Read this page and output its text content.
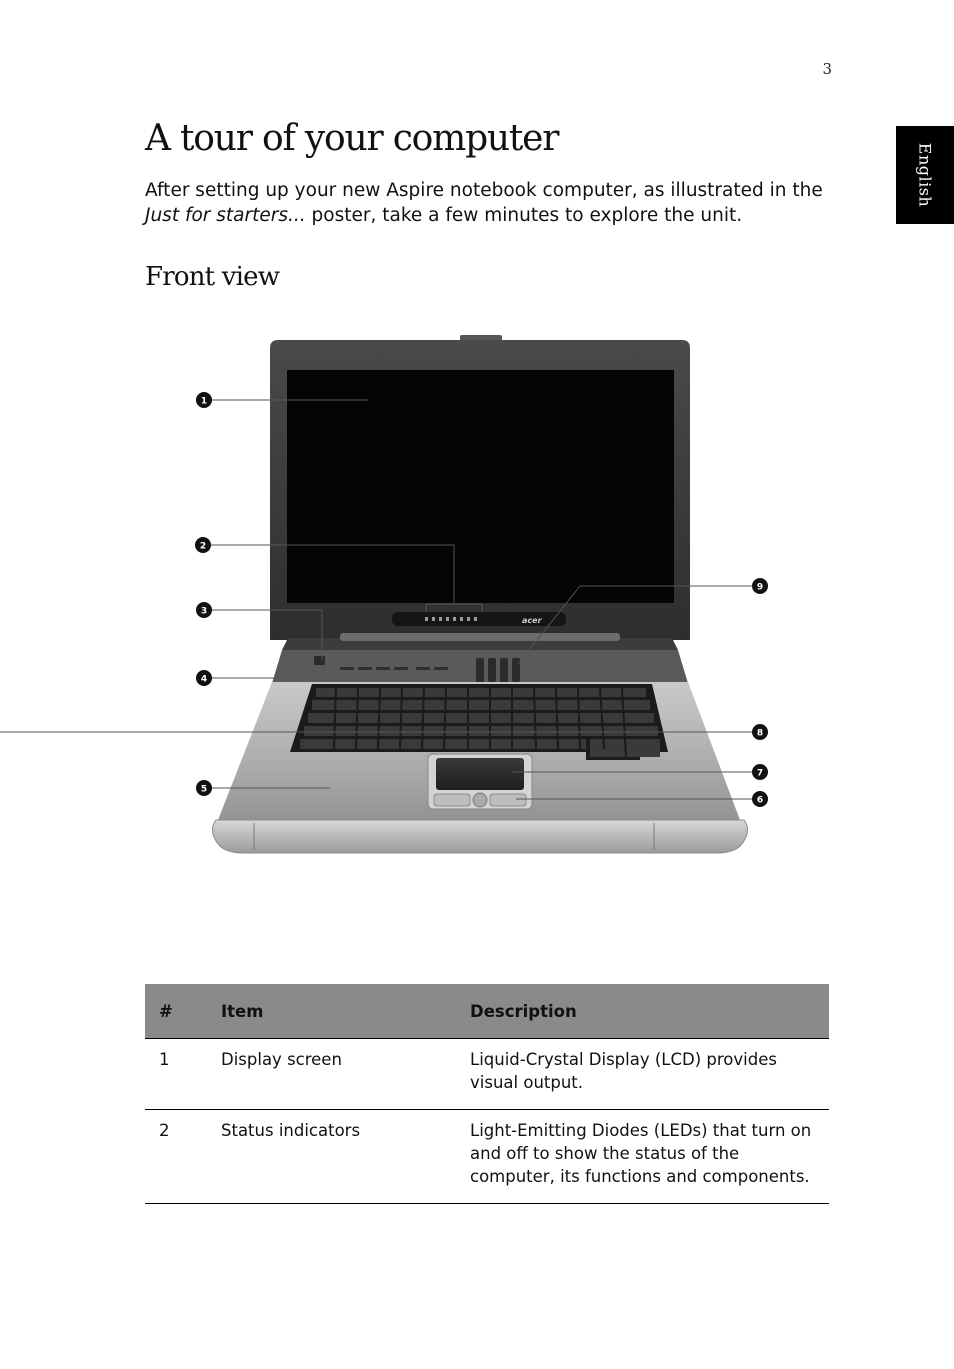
3
English
A tour of your computer

After setting up your new Aspire notebook computer, as illustrated in the Just for starters... poster, take a few minutes to explore the unit.

Front view
acer
1
2
3
4
5
6
7
8
9
#	Item	Description
1	Display screen	Liquid-Crystal Display (LCD) provides visual output.
2	Status indicators	Light-Emitting Diodes (LEDs) that turn on and off to show the status of the computer, its functions and components.
